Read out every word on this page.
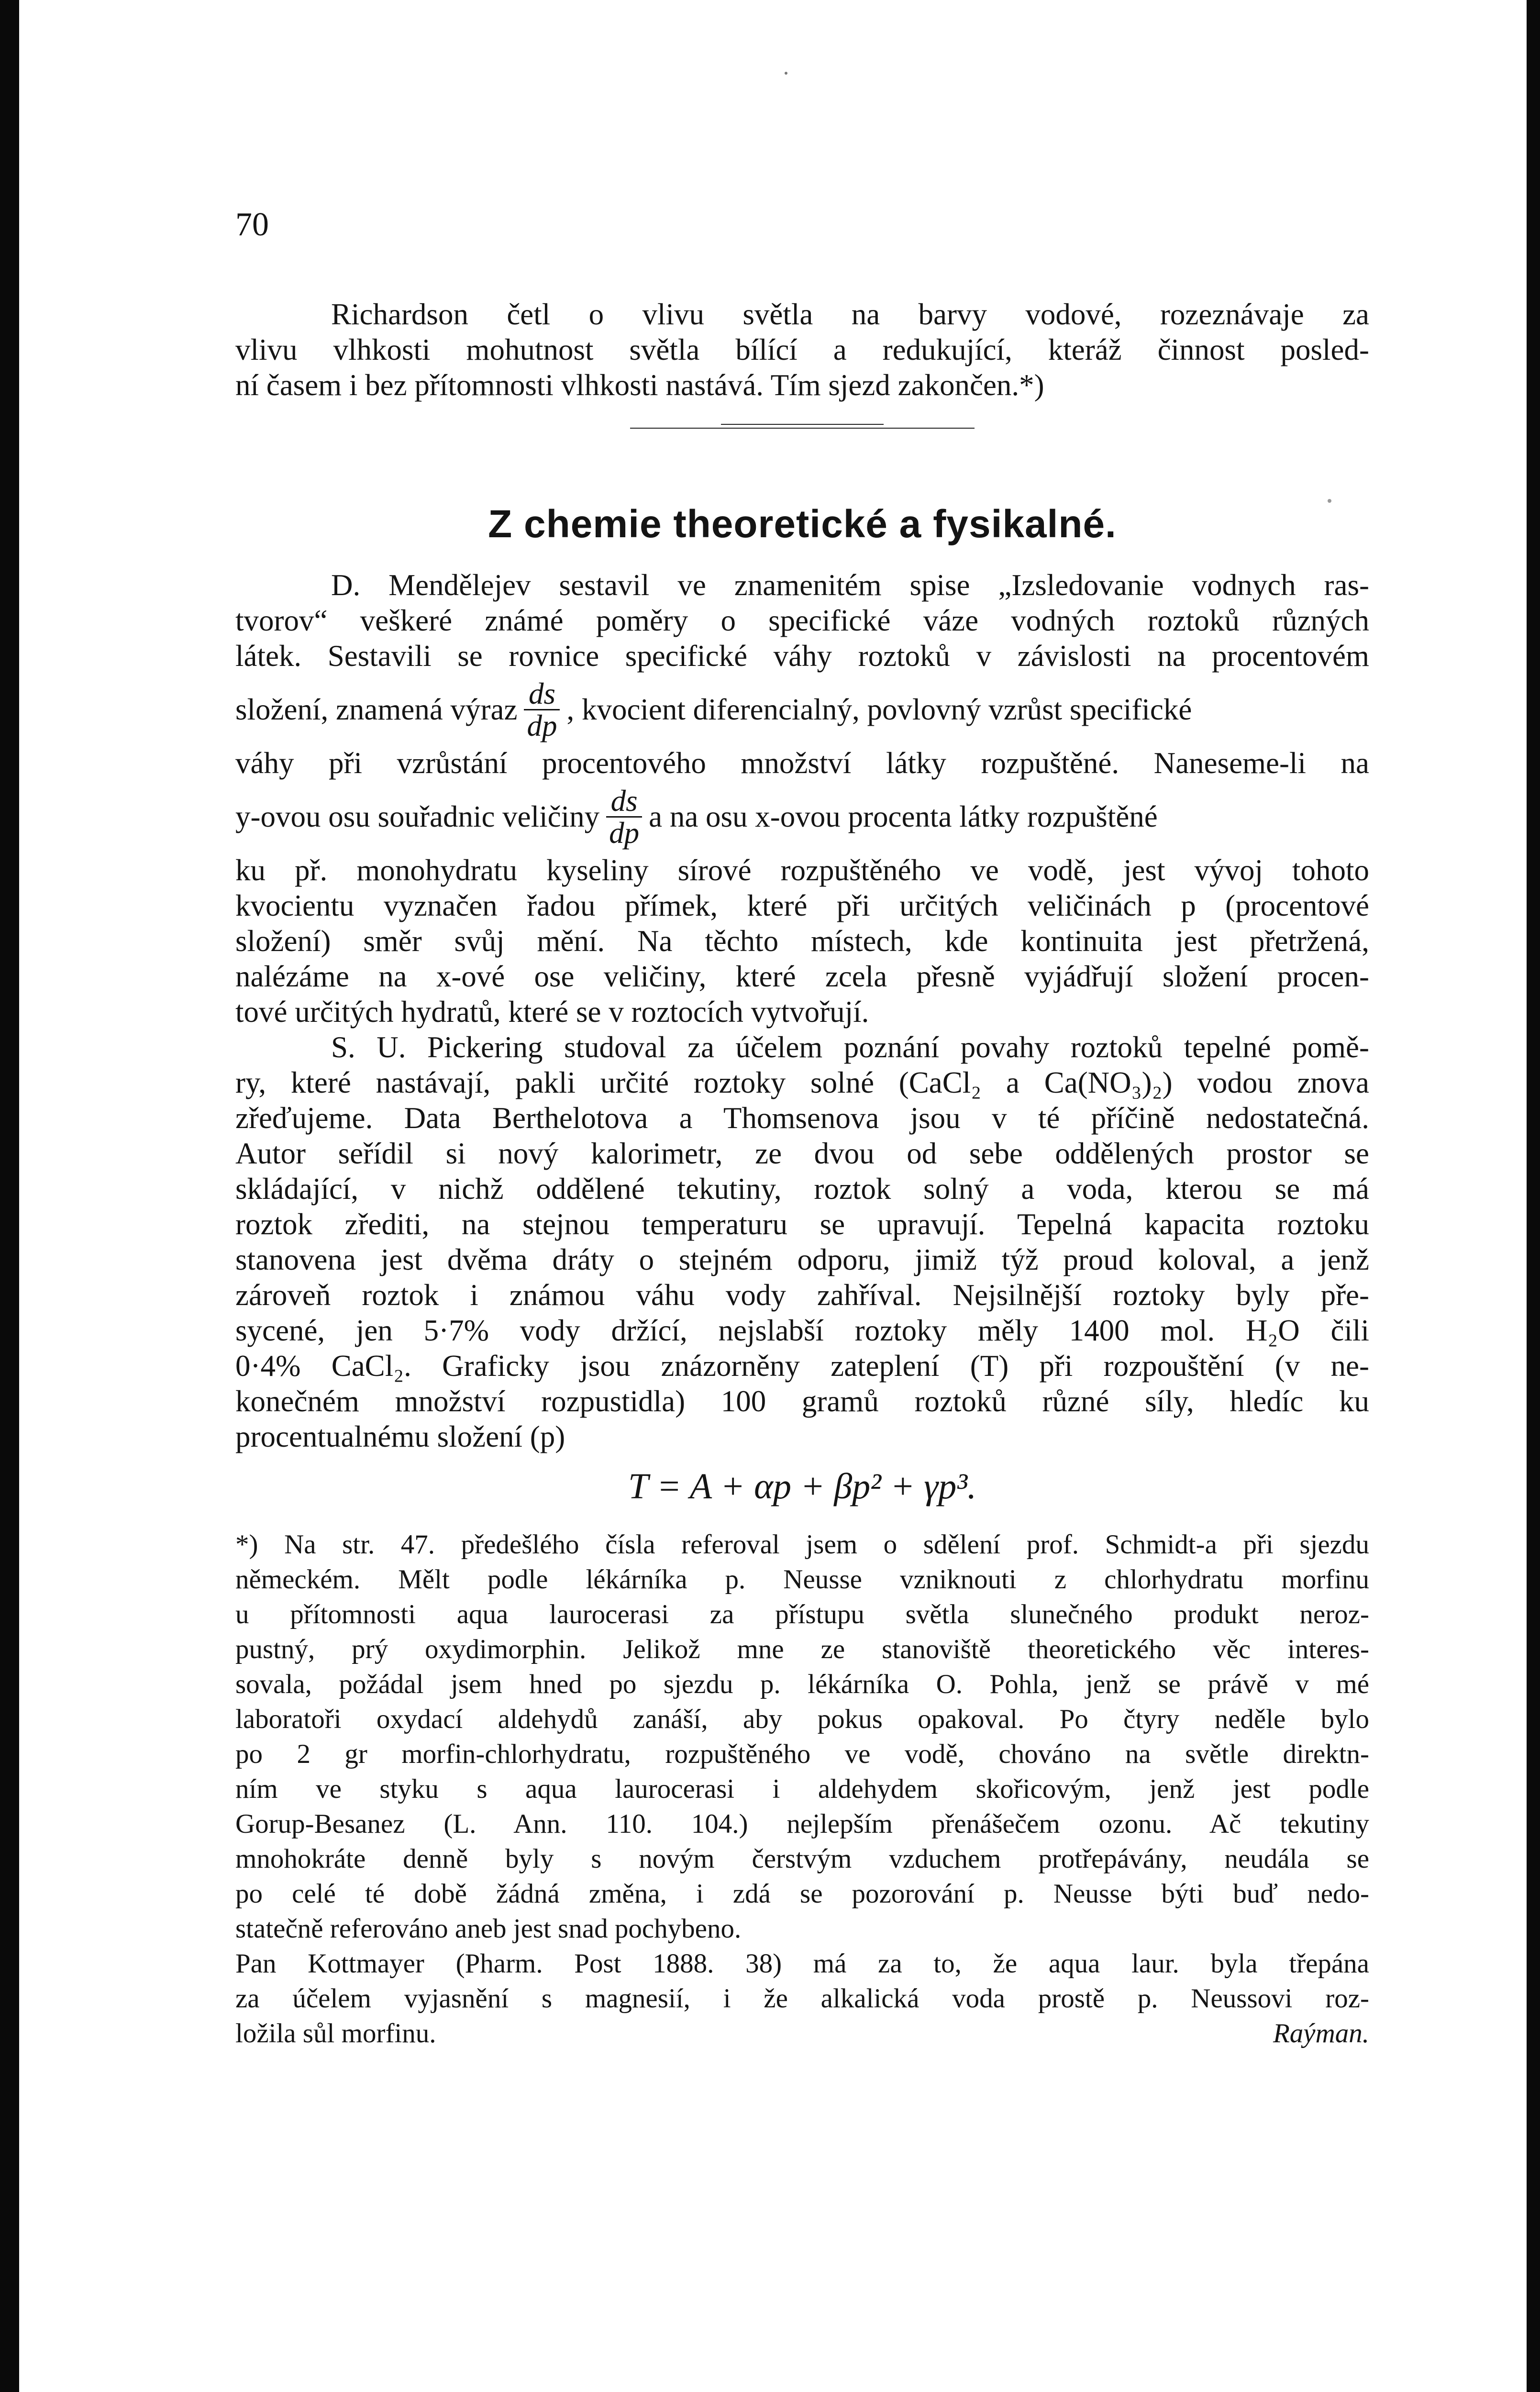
70
Richardson četl o vlivu světla na barvy vodové, rozeznávaje za
vlivu vlhkosti mohutnost světla bílící a redukující, kteráž činnost posled-
ní časem i bez přítomnosti vlhkosti nastává. Tím sjezd zakončen.*)
Z chemie theoretické a fysikalné.
D. Mendělejev sestavil ve znamenitém spise „Izsledovanie vodnych ras-
tvorov“ veškeré známé poměry o specifické váze vodných roztoků různých
látek. Sestavili se rovnice specifické váhy roztoků v závislosti na procentovém
složení, znamená výraz $\frac{ds}{dp}$ , kvocient diferencialný, povlovný vzrůst specifické
váhy při vzrůstání procentového množství látky rozpuštěné. Naneseme-li na
y-ovou osu souřadnic veličiny $\frac{ds}{dp}$ a na osu x-ovou procenta látky rozpuštěné
ku př. monohydratu kyseliny sírové rozpuštěného ve vodě, jest vývoj tohoto
kvocientu vyznačen řadou přímek, které při určitých veličinách p (procentové
složení) směr svůj mění. Na těchto místech, kde kontinuita jest přetržená,
nalézáme na x-ové ose veličiny, které zcela přesně vyjádřují složení procen-
tové určitých hydratů, které se v roztocích vytvořují.
S. U. Pickering studoval za účelem poznání povahy roztoků tepelné pomě-
ry, které nastávají, pakli určité roztoky solné (CaCl₂ a Ca(NO₃)₂) vodou znova
zřeďujeme. Data Berthelotova a Thomsenova jsou v té příčině nedostatečná.
Autor seřídil si nový kalorimetr, ze dvou od sebe oddělených prostor se
skládající, v nichž oddělené tekutiny, roztok solný a voda, kterou se má
roztok zřediti, na stejnou temperaturu se upravují. Tepelná kapacita roztoku
stanovena jest dvěma dráty o stejném odporu, jimiž týž proud koloval, a jenž
zároveň roztok i známou váhu vody zahříval. Nejsilnější roztoky byly pře-
sycené, jen 5·7% vody držící, nejslabší roztoky měly 1400 mol. H₂O čili
0·4% CaCl₂. Graficky jsou znázorněny zateplení (T) při rozpouštění (v ne-
konečném množství rozpustidla) 100 gramů roztoků různé síly, hledíc ku
procentualnému složení (p)
T = A + αp + βp² + γp³.
*) Na str. 47. předešlého čísla referoval jsem o sdělení prof. Schmidt-a při sjezdu
německém. Mělt podle lékárníka p. Neusse vzniknouti z chlorhydratu morfinu
u přítomnosti aqua laurocerasi za přístupu světla slunečného produkt neroz-
pustný, prý oxydimorphin. Jelikož mne ze stanoviště theoretického věc interes-
sovala, požádal jsem hned po sjezdu p. lékárníka O. Pohla, jenž se právě v mé
laboratoři oxydací aldehydů zanáší, aby pokus opakoval. Po čtyry neděle bylo
po 2 gr morfin-chlorhydratu, rozpuštěného ve vodě, chováno na světle direktn-
ním ve styku s aqua laurocerasi i aldehydem skořicovým, jenž jest podle
Gorup-Besanez (L. Ann. 110. 104.) nejlepším přenášečem ozonu. Ač tekutiny
mnohokráte denně byly s novým čerstvým vzduchem protřepávány, neudála se
po celé té době žádná změna, i zdá se pozorování p. Neusse býti buď nedo-
statečně referováno aneb jest snad pochybeno.
Pan Kottmayer (Pharm. Post 1888. 38) má za to, že aqua laur. byla třepána
za účelem vyjasnění s magnesií, i že alkalická voda prostě p. Neussovi roz-
ložila sůl morfinu.	Raýman.
